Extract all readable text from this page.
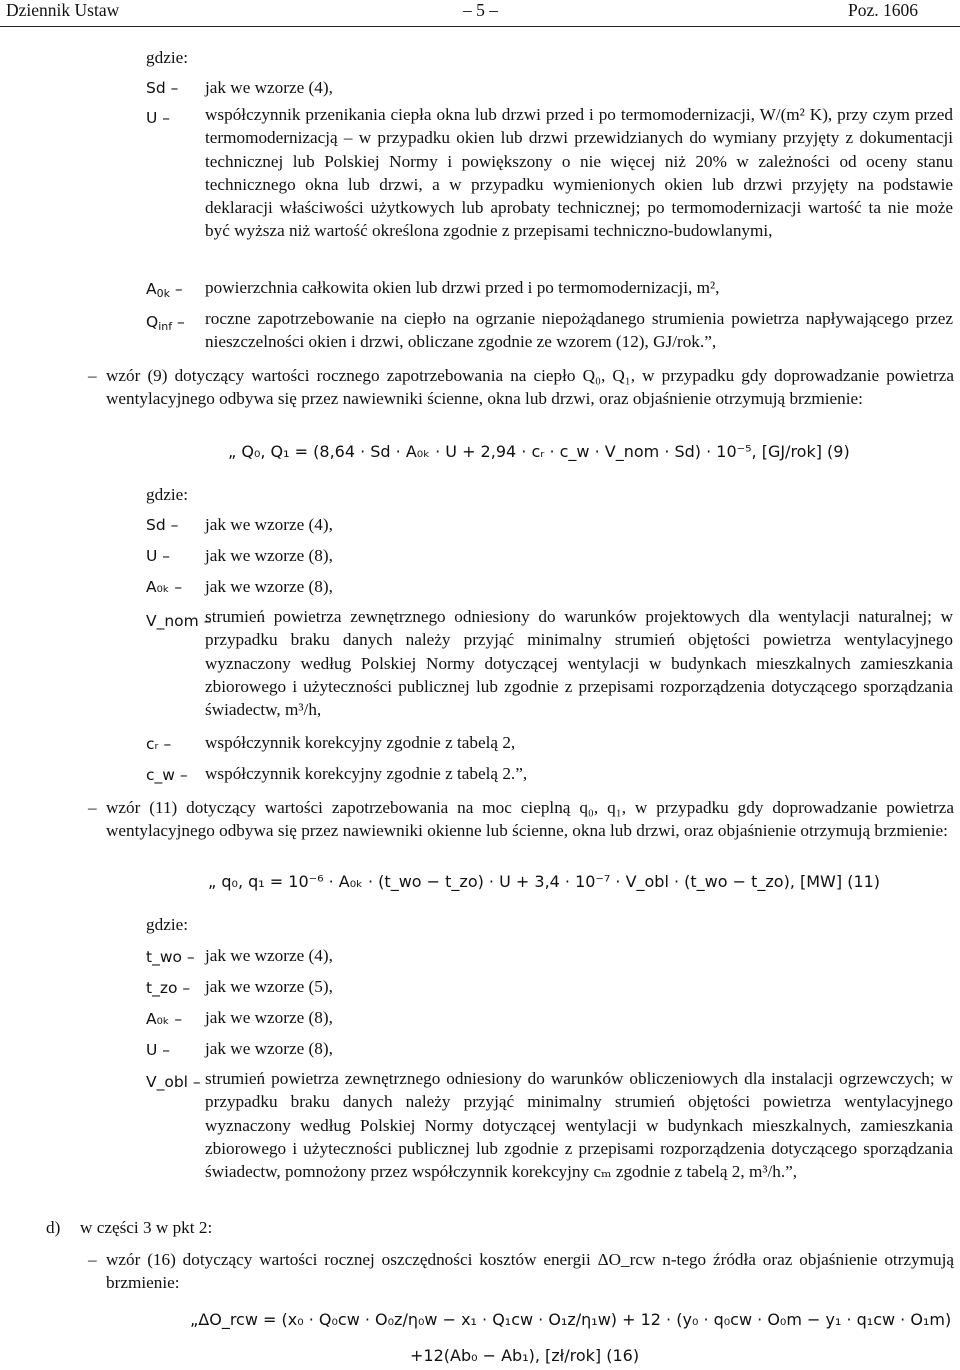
Dziennik Ustaw	– 5 –	Poz. 1606
gdzie:
Sd – jak we wzorze (4),
U – współczynnik przenikania ciepła okna lub drzwi przed i po termomodernizacji, W/(m² K), przy czym przed termomodernizacją – w przypadku okien lub drzwi przewidzianych do wymiany przyjęty z dokumentacji technicznej lub Polskiej Normy i powiększony o nie więcej niż 20% w zależności od oceny stanu technicznego okna lub drzwi, a w przypadku wymienionych okien lub drzwi przyjęty na podstawie deklaracji właściwości użytkowych lub aprobaty technicznej; po termomodernizacji wartość ta nie może być wyższa niż wartość określona zgodnie z przepisami techniczno-budowlanymi,
$A_{0k}$ – powierzchnia całkowita okien lub drzwi przed i po termomodernizacji, m²,
$Q_{inf}$ – roczne zapotrzebowanie na ciepło na ogrzanie niepożądanego strumienia powietrza napływającego przez nieszczelności okien i drzwi, obliczane zgodnie ze wzorem (12), GJ/rok.”,
– wzór (9) dotyczący wartości rocznego zapotrzebowania na ciepło Q₀, Q₁, w przypadku gdy doprowadzanie powietrza wentylacyjnego odbywa się przez nawiewniki ścienne, okna lub drzwi, oraz objaśnienie otrzymują brzmienie:
„ Q₀, Q₁ = (8,64 · Sd · A₀ₖ · U + 2,94 · cᵣ · c_w · V_nom · Sd) · 10⁻⁵, [GJ/rok] (9)
gdzie:
Sd – jak we wzorze (4),
U – jak we wzorze (8),
A₀ₖ – jak we wzorze (8),
V_nom –
strumień powietrza zewnętrznego odniesiony do warunków projektowych dla wentylacji naturalnej; w przypadku braku danych należy przyjąć minimalny strumień objętości powietrza wentylacyjnego wyznaczony według Polskiej Normy dotyczącej wentylacji w budynkach mieszkalnych zamieszkania zbiorowego i użyteczności publicznej lub zgodnie z przepisami rozporządzenia dotyczącego sporządzania świadectw, m³/h,
cᵣ – współczynnik korekcyjny zgodnie z tabelą 2,
c_w – współczynnik korekcyjny zgodnie z tabelą 2.”,
– wzór (11) dotyczący wartości zapotrzebowania na moc cieplną q₀, q₁, w przypadku gdy doprowadzanie powietrza wentylacyjnego odbywa się przez nawiewniki okienne lub ścienne, okna lub drzwi, oraz objaśnienie otrzymują brzmienie:
„ q₀, q₁ = 10⁻⁶ · A₀ₖ · (t_wo − t_zo) · U + 3,4 · 10⁻⁷ · V_obl · (t_wo − t_zo), [MW] (11)
gdzie:
t_wo – jak we wzorze (4),
t_zo – jak we wzorze (5),
A₀ₖ – jak we wzorze (8),
U – jak we wzorze (8),
V_obl – strumień powietrza zewnętrznego odniesiony do warunków obliczeniowych dla instalacji ogrzewczych; w przypadku braku danych należy przyjąć minimalny strumień objętości powietrza wentylacyjnego wyznaczony według Polskiej Normy dotyczącej wentylacji w budynkach mieszkalnych, zamieszkania zbiorowego i użyteczności publicznej lub zgodnie z przepisami rozporządzenia dotyczącego sporządzania świadectw, pomnożony przez współczynnik korekcyjny cₘ zgodnie z tabelą 2, m³/h.”,
d) w części 3 w pkt 2:
– wzór (16) dotyczący wartości rocznej oszczędności kosztów energii ΔO_rcw n-tego źródła oraz objaśnienie otrzymują brzmienie:
„ΔO_rcw = (x₀ · Q₀cw · O₀z/η₀w − x₁ · Q₁cw · O₁z/η₁w) + 12 · (y₀ · q₀cw · O₀m − y₁ · q₁cw · O₁m)
+12(Ab₀ − Ab₁), [zł/rok] (16)
